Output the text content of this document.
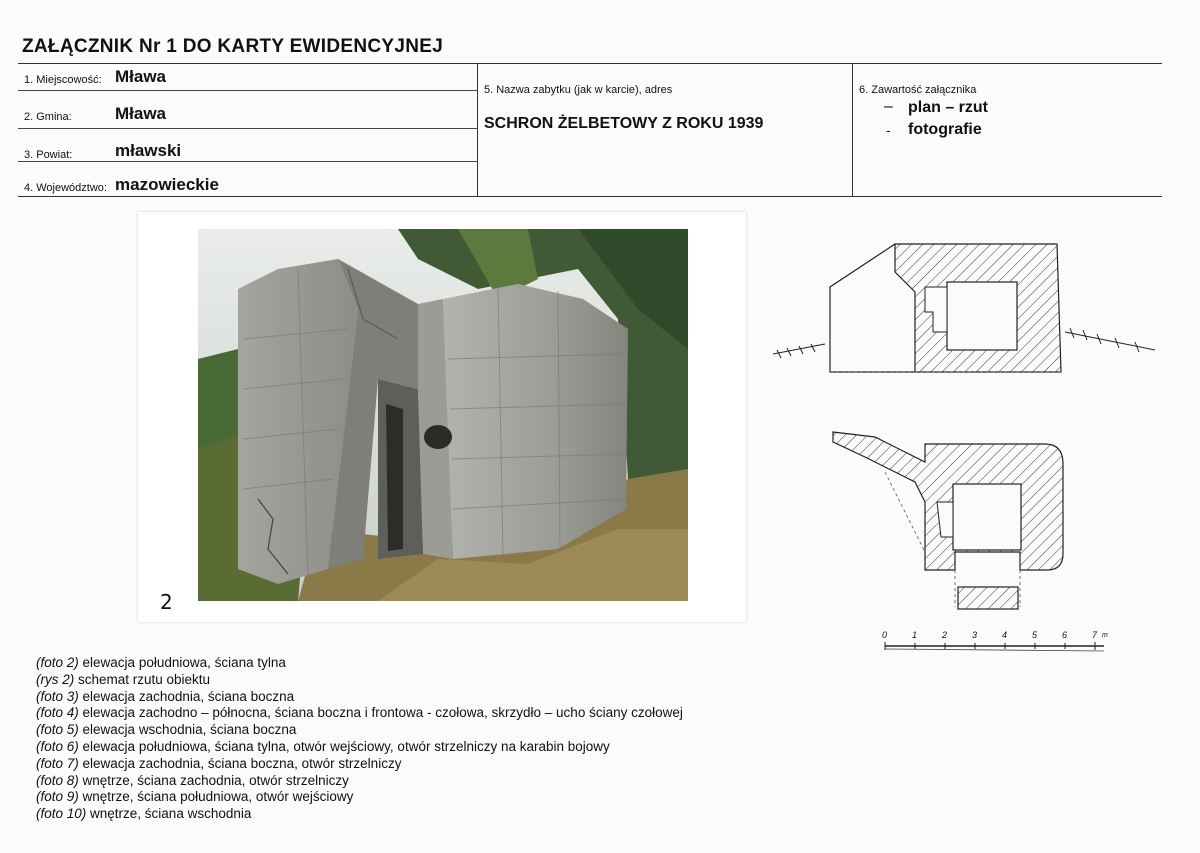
ZAŁĄCZNIK Nr 1 DO KARTY EWIDENCYJNEJ
1. Miejscowość: Mława
2. Gmina:	Mława
3. Powiat:	mławski
4. Województwo: mazowieckie
5. Nazwa zabytku (jak w karcie), adres
SCHRON ŻELBETOWY Z ROKU 1939
6. Zawartość załącznika
– plan – rzut
- fotografie
2
0	1	2	3	4	5	6	7 m
(foto 2) elewacja południowa, ściana tylna
(rys 2) schemat rzutu obiektu
(foto 3) elewacja zachodnia, ściana boczna
(foto 4) elewacja zachodno – północna, ściana boczna i frontowa - czołowa, skrzydło – ucho ściany czołowej
(foto 5) elewacja wschodnia, ściana boczna
(foto 6) elewacja południowa, ściana tylna, otwór wejściowy, otwór strzelniczy na karabin bojowy
(foto 7) elewacja zachodnia, ściana boczna, otwór strzelniczy
(foto 8) wnętrze, ściana zachodnia, otwór strzelniczy
(foto 9) wnętrze, ściana południowa, otwór wejściowy
(foto 10) wnętrze, ściana wschodnia
